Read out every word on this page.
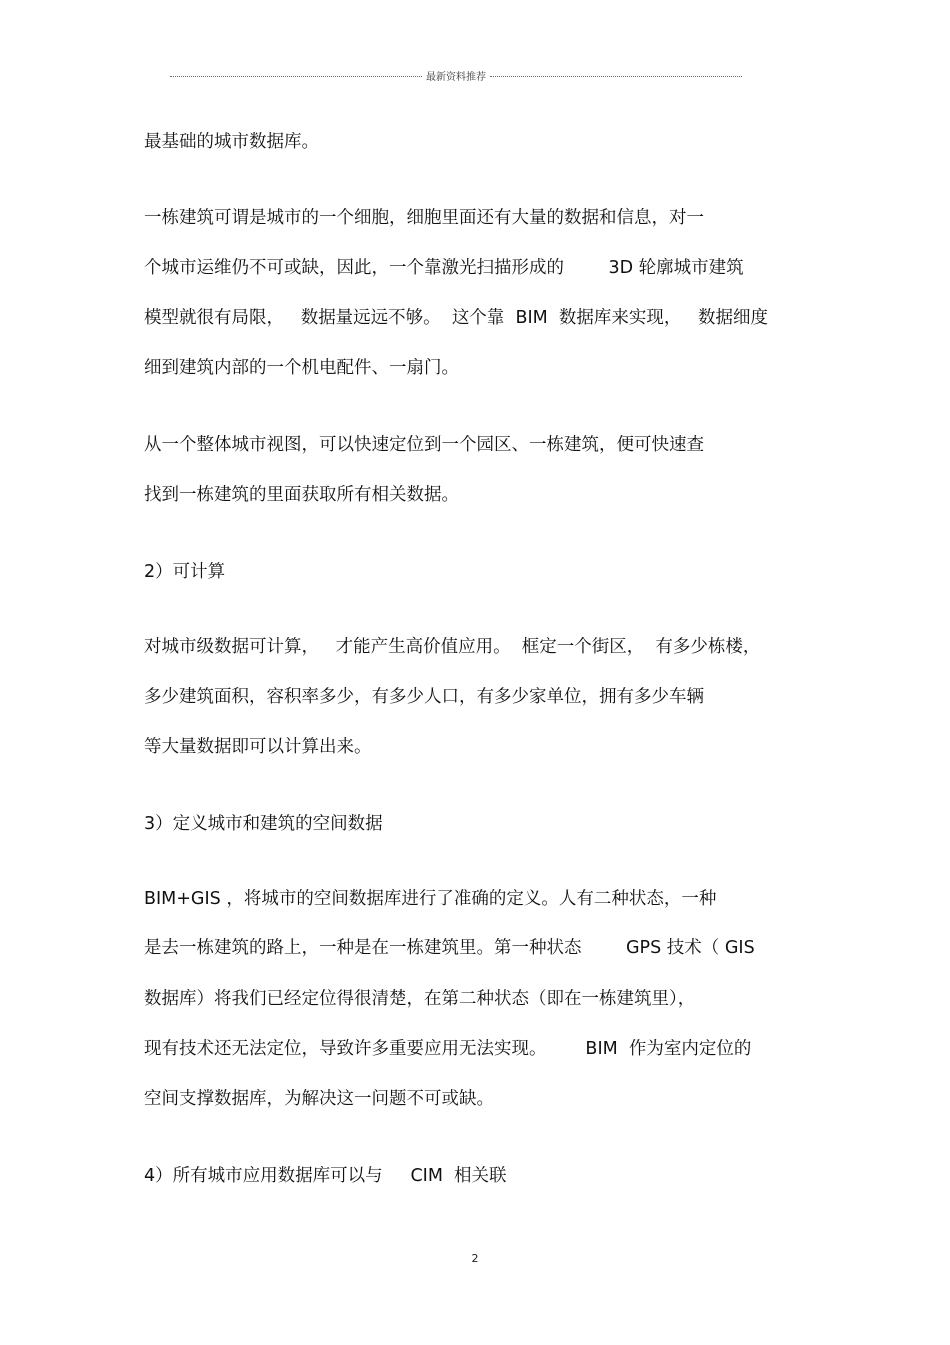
最新资料推荐
最基础的城市数据库。
一栋建筑可谓是城市的一个细胞，细胞里面还有大量的数据和信息，对一
个城市运维仍不可或缺，因此，一个靠激光扫描形成的        3D 轮廓城市建筑
模型就很有局限，   数据量远远不够。  这个靠  BIM  数据库来实现，   数据细度
细到建筑内部的一个机电配件、一扇门。
从一个整体城市视图，可以快速定位到一个园区、一栋建筑，便可快速查
找到一栋建筑的里面获取所有相关数据。
2）可计算
对城市级数据可计算，   才能产生高价值应用。  框定一个街区，  有多少栋楼，
多少建筑面积，容积率多少，有多少人口，有多少家单位，拥有多少车辆
等大量数据即可以计算出来。
3）定义城市和建筑的空间数据
BIM+GIS ，将城市的空间数据库进行了准确的定义。人有二种状态，一种
是去一栋建筑的路上，一种是在一栋建筑里。第一种状态        GPS 技术（ GIS
数据库）将我们已经定位得很清楚，在第二种状态（即在一栋建筑里），
现有技术还无法定位，导致许多重要应用无法实现。       BIM  作为室内定位的
空间支撑数据库，为解决这一问题不可或缺。
4）所有城市应用数据库可以与     CIM  相关联
2
